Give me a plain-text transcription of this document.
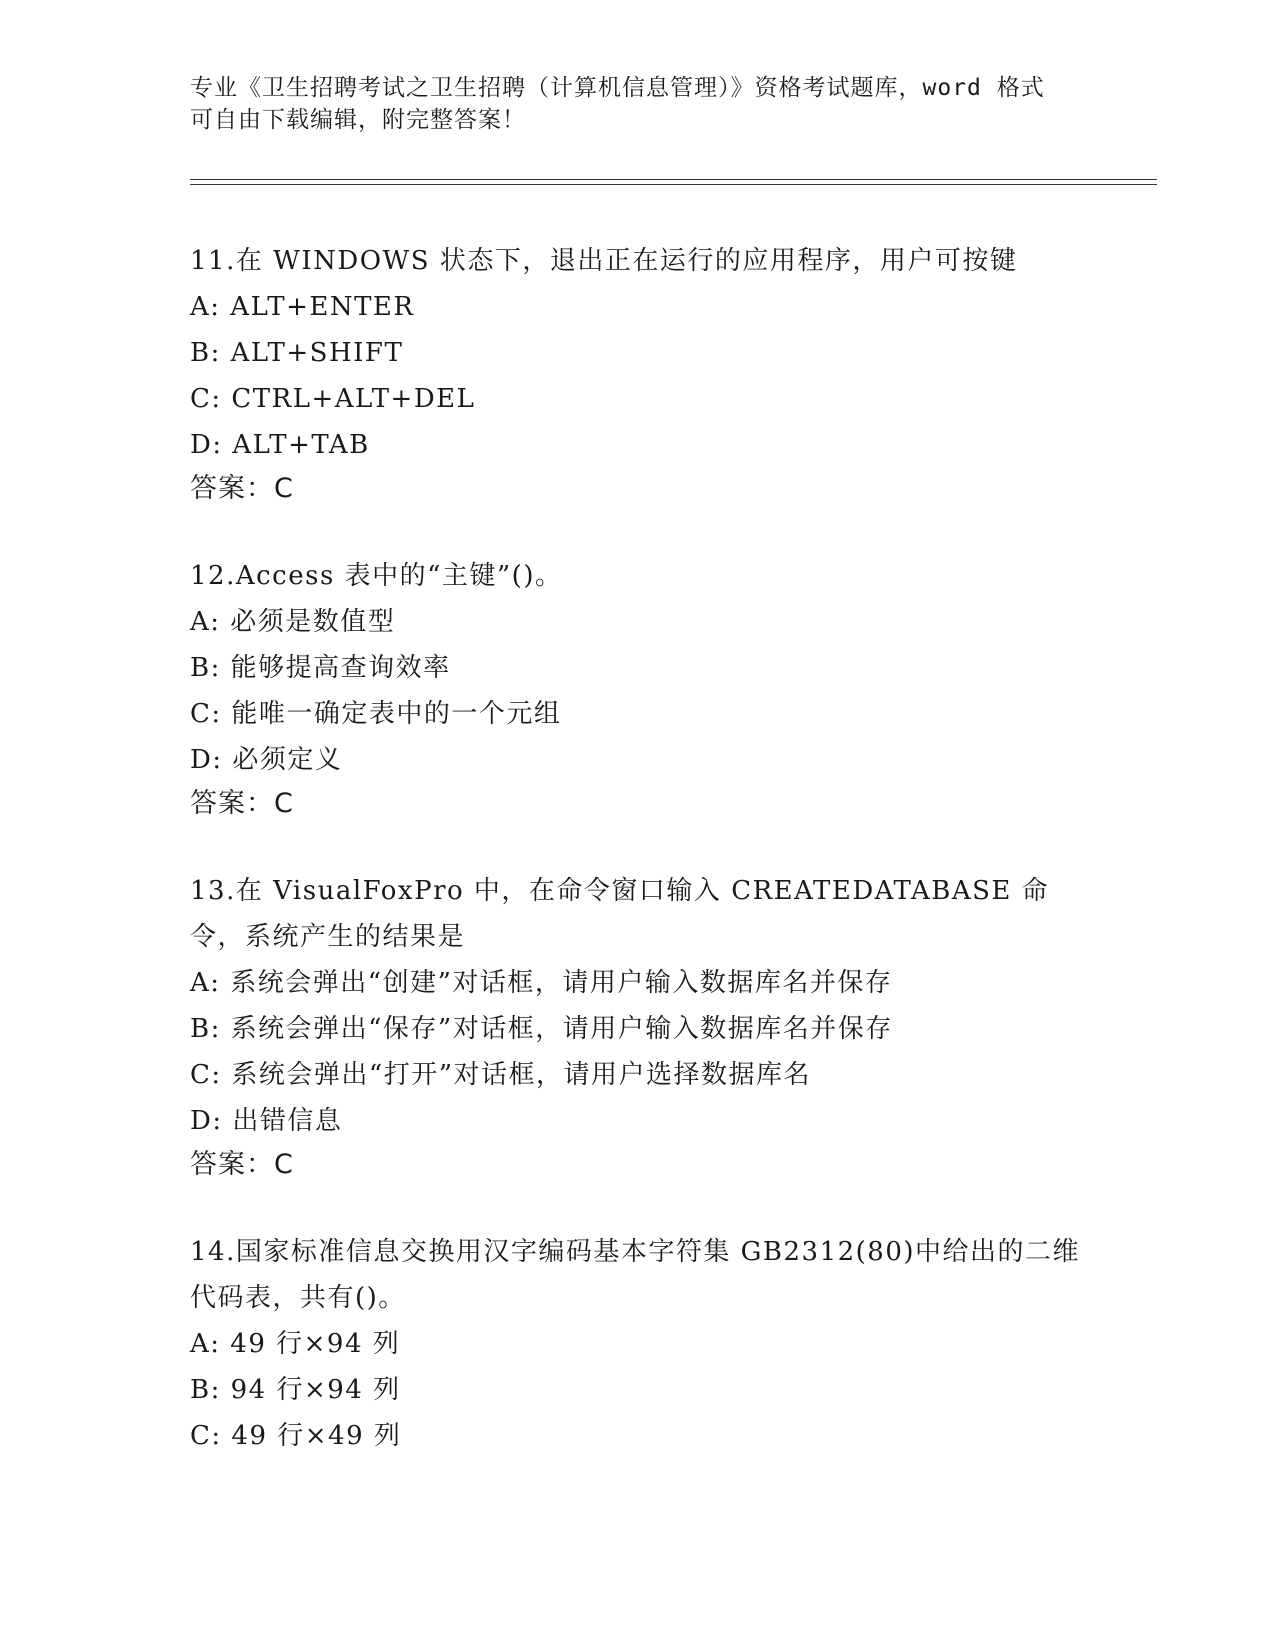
专业《卫生招聘考试之卫生招聘（计算机信息管理）》资格考试题库，word 格式
可自由下载编辑，附完整答案！

11.在 WINDOWS 状态下，退出正在运行的应用程序，用户可按键

A: ALT+ENTER

B: ALT+SHIFT

C: CTRL+ALT+DEL

D: ALT+TAB

答案：C

12.Access 表中的“主键”()。

A: 必须是数值型

B: 能够提高查询效率

C: 能唯一确定表中的一个元组

D: 必须定义

答案：C

13.在 VisualFoxPro 中，在命令窗口输入 CREATEDATABASE 命令，系统产生的结果是

A: 系统会弹出“创建”对话框，请用户输入数据库名并保存

B: 系统会弹出“保存”对话框，请用户输入数据库名并保存

C: 系统会弹出“打开”对话框，请用户选择数据库名

D: 出错信息

答案：C

14.国家标准信息交换用汉字编码基本字符集 GB2312(80)中给出的二维代码表，共有()。

A: 49 行×94 列

B: 94 行×94 列

C: 49 行×49 列
